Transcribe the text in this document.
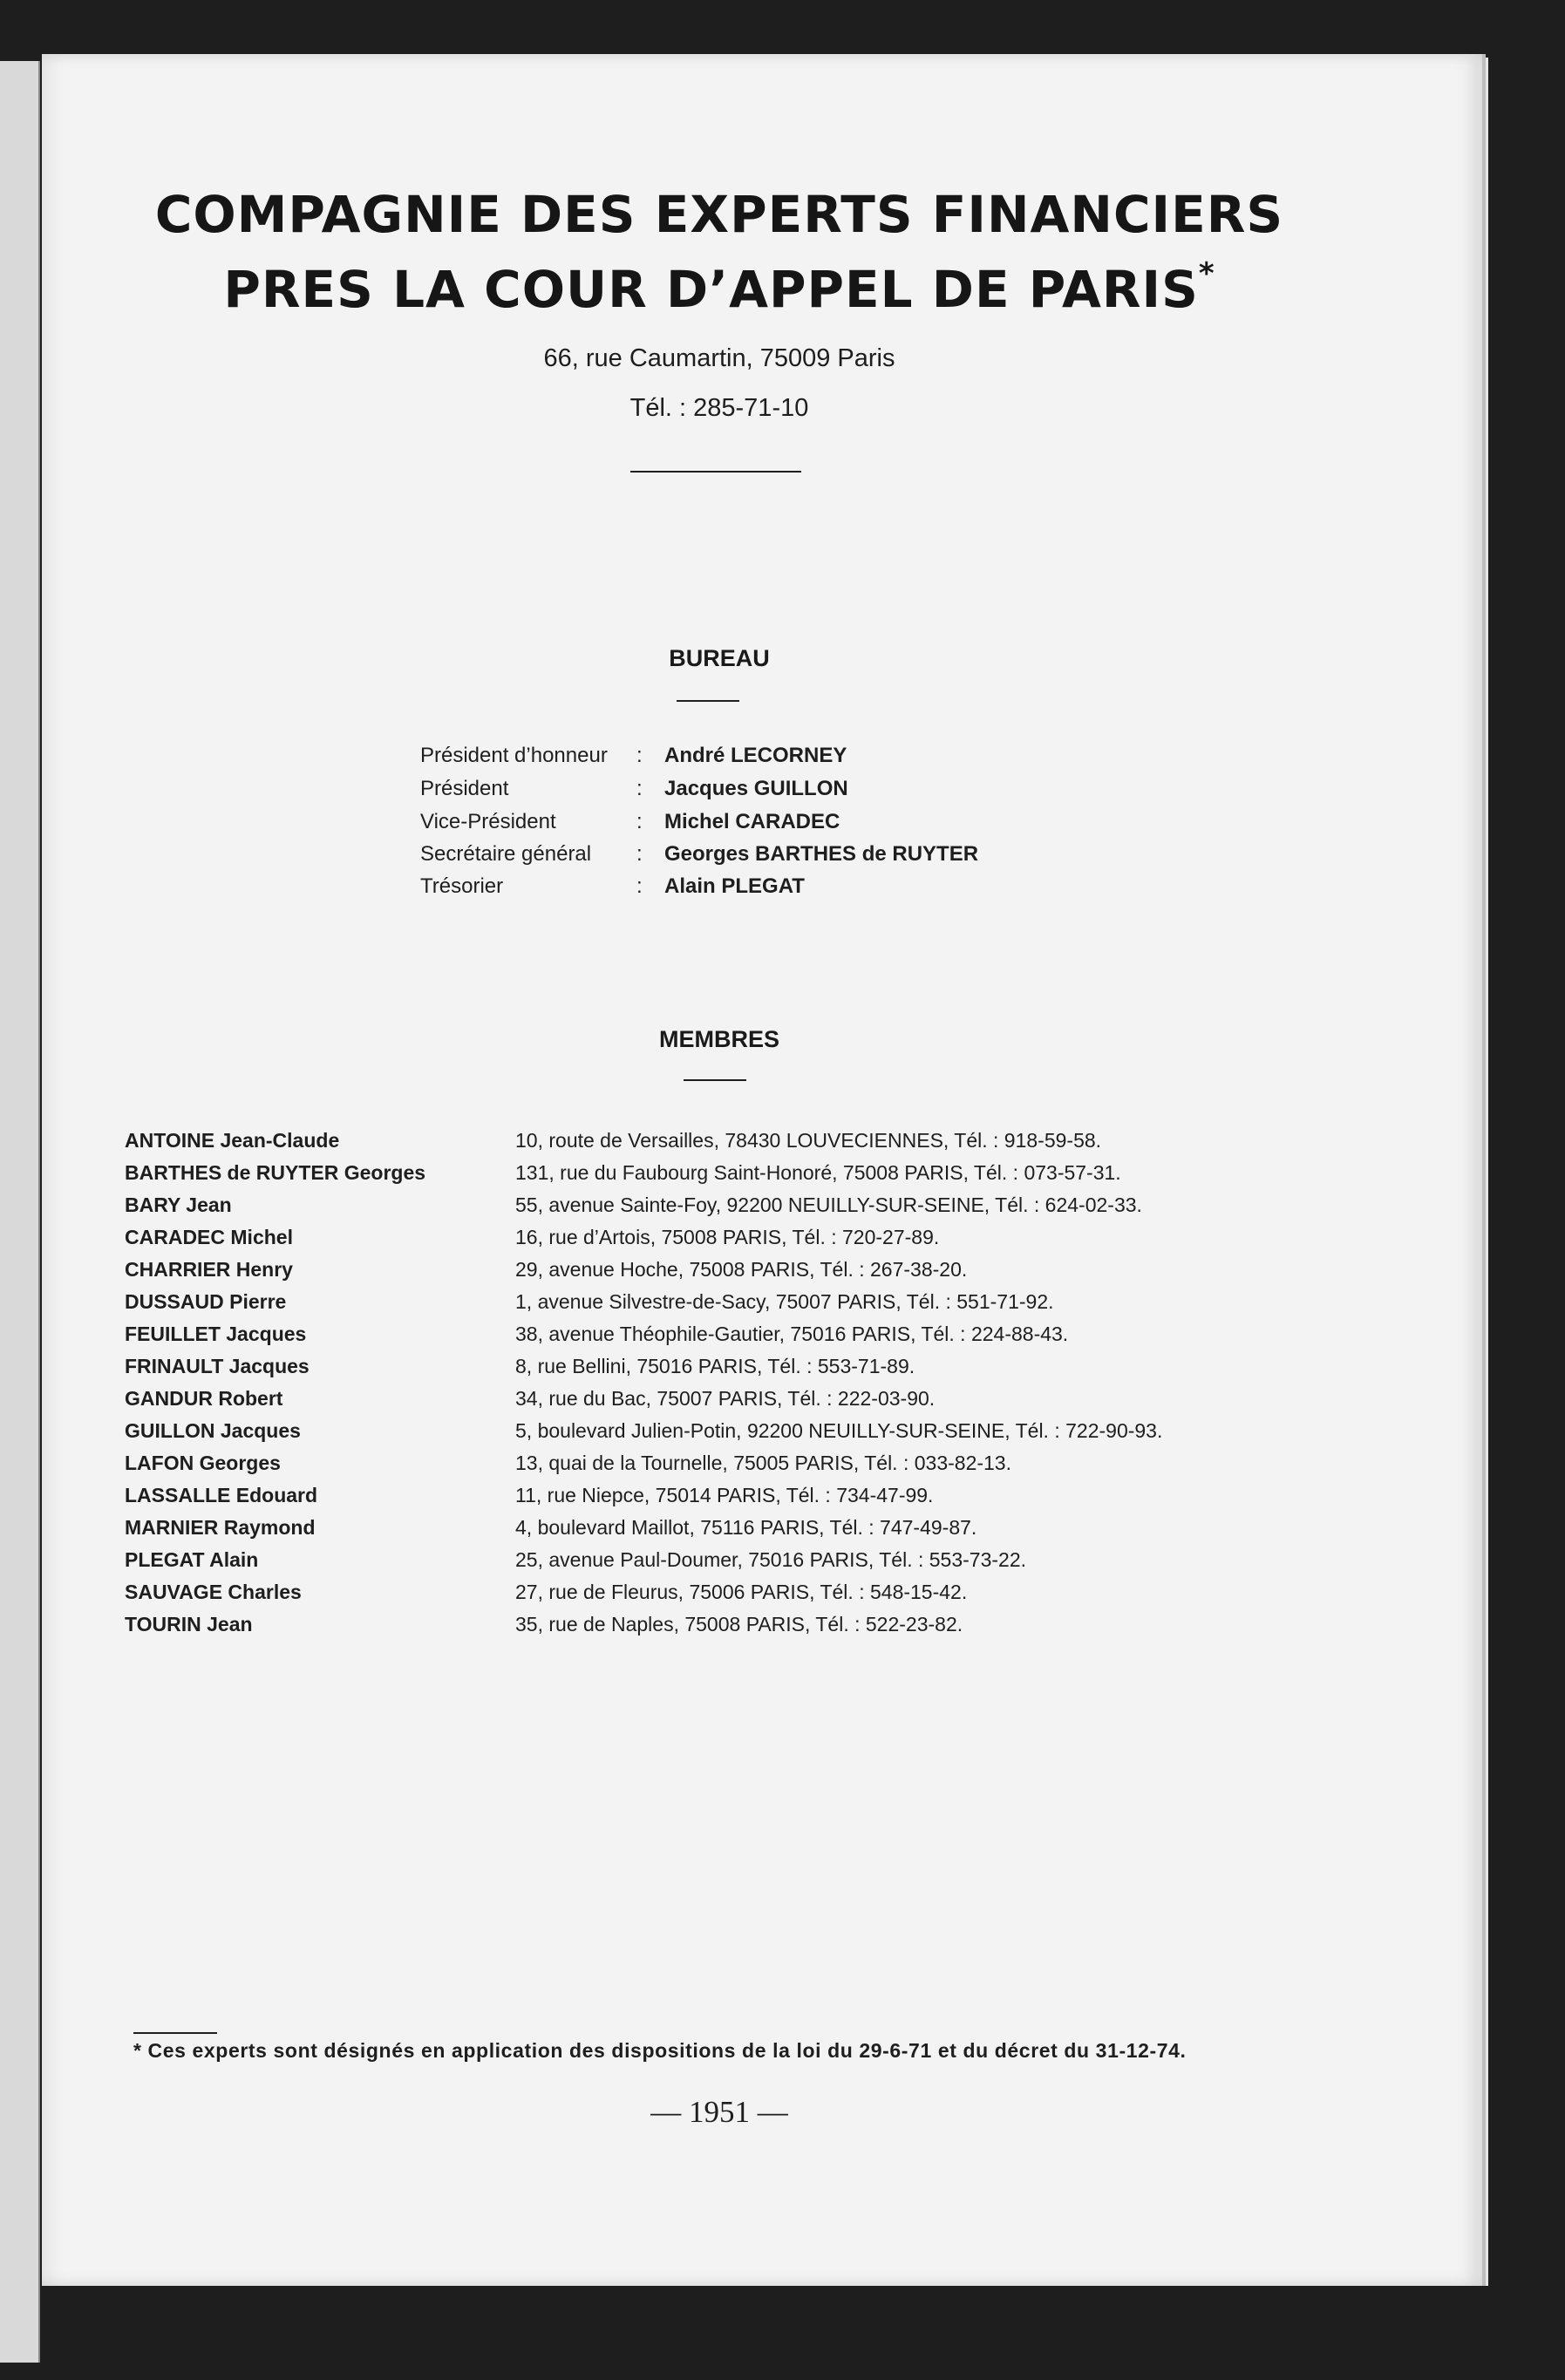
COMPAGNIE DES EXPERTS FINANCIERS
PRES LA COUR D’APPEL DE PARIS*
66, rue Caumartin, 75009 Paris
Tél. : 285-71-10
BUREAU
Président d’honneur : André LECORNEY
Président	: Jacques GUILLON
Vice-Président	: Michel CARADEC
Secrétaire général : Georges BARTHES de RUYTER
Trésorier	: Alain PLEGAT
MEMBRES
ANTOINE Jean-Claude	10, route de Versailles, 78430 LOUVECIENNES, Tél. : 918-59-58.
BARTHES de RUYTER Georges	131, rue du Faubourg Saint-Honoré, 75008 PARIS, Tél. : 073-57-31.
BARY Jean	55, avenue Sainte-Foy, 92200 NEUILLY-SUR-SEINE, Tél. : 624-02-33.
CARADEC Michel	16, rue d’Artois, 75008 PARIS, Tél. : 720-27-89.
CHARRIER Henry	29, avenue Hoche, 75008 PARIS, Tél. : 267-38-20.
DUSSAUD Pierre	1, avenue Silvestre-de-Sacy, 75007 PARIS, Tél. : 551-71-92.
FEUILLET Jacques	38, avenue Théophile-Gautier, 75016 PARIS, Tél. : 224-88-43.
FRINAULT Jacques	8, rue Bellini, 75016 PARIS, Tél. : 553-71-89.
GANDUR Robert	34, rue du Bac, 75007 PARIS, Tél. : 222-03-90.
GUILLON Jacques	5, boulevard Julien-Potin, 92200 NEUILLY-SUR-SEINE, Tél. : 722-90-93.
LAFON Georges	13, quai de la Tournelle, 75005 PARIS, Tél. : 033-82-13.
LASSALLE Edouard	11, rue Niepce, 75014 PARIS, Tél. : 734-47-99.
MARNIER Raymond	4, boulevard Maillot, 75116 PARIS, Tél. : 747-49-87.
PLEGAT Alain	25, avenue Paul-Doumer, 75016 PARIS, Tél. : 553-73-22.
SAUVAGE Charles	27, rue de Fleurus, 75006 PARIS, Tél. : 548-15-42.
TOURIN Jean	35, rue de Naples, 75008 PARIS, Tél. : 522-23-82.
* Ces experts sont désignés en application des dispositions de la loi du 29-6-71 et du décret du 31-12-74.
— 1951 —
